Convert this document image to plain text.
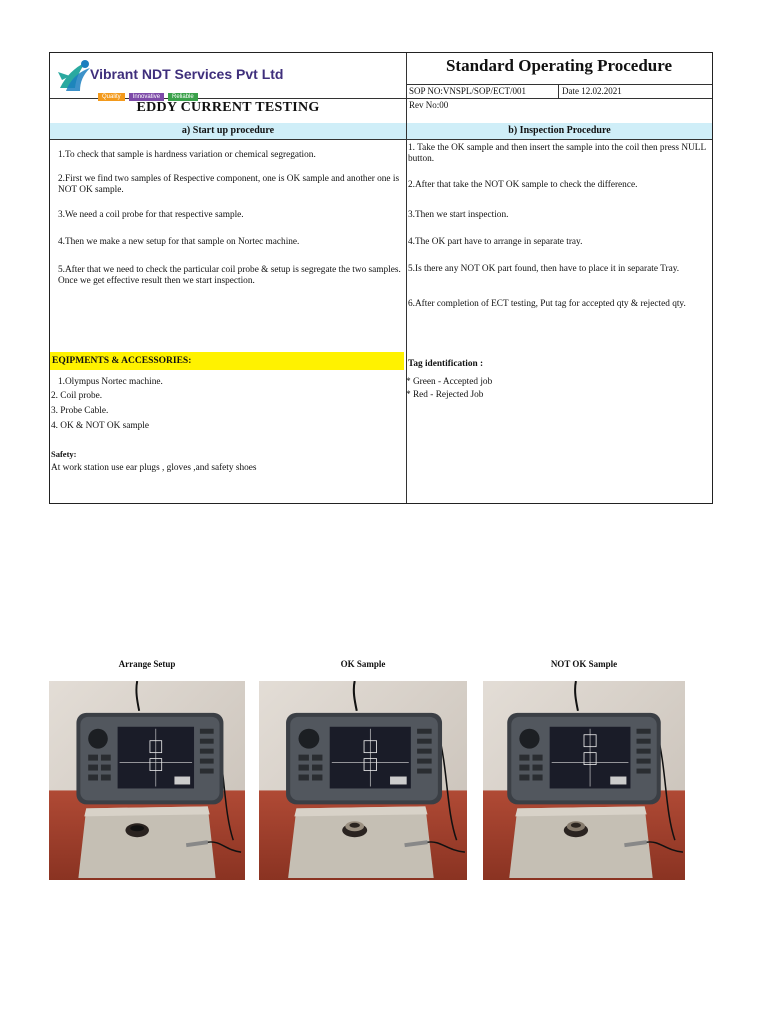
Vibrant NDT Services Pvt Ltd
Quality Innovative Reliable
Standard Operating Procedure
SOP NO:VNSPL/SOP/ECT/001	Date 12.02.2021
Rev No:00
EDDY CURRENT TESTING
a) Start up procedure	b) Inspection Procedure
1.To check that sample is hardness variation or chemical segregation.
2.First we find two samples of Respective component, one is OK sample and another one is NOT OK sample.
3.We need a coil probe for that respective sample.
4.Then we make a new setup for that sample on Nortec machine.
5.After that we need to check the particular coil probe & setup is segregate the two samples. Once we get effective result then we start inspection.
1. Take the OK sample and then insert the sample into the coil then press NULL button.
2.After that take the NOT OK sample to check the difference.
3.Then we start inspection.
4.The OK part have to arrange in separate tray.
5.Is there any NOT OK part found, then have to place it in separate Tray.
6.After completion of ECT testing, Put tag for accepted qty & rejected qty.
EQIPMENTS & ACCESSORIES:
1.Olympus Nortec machine.
2. Coil probe.
3. Probe Cable.
4. OK & NOT OK sample
Tag identification :
* Green - Accepted job
* Red - Rejected Job
Safety:
At work station use ear plugs , gloves ,and safety shoes
Arrange Setup	OK Sample	NOT OK Sample
